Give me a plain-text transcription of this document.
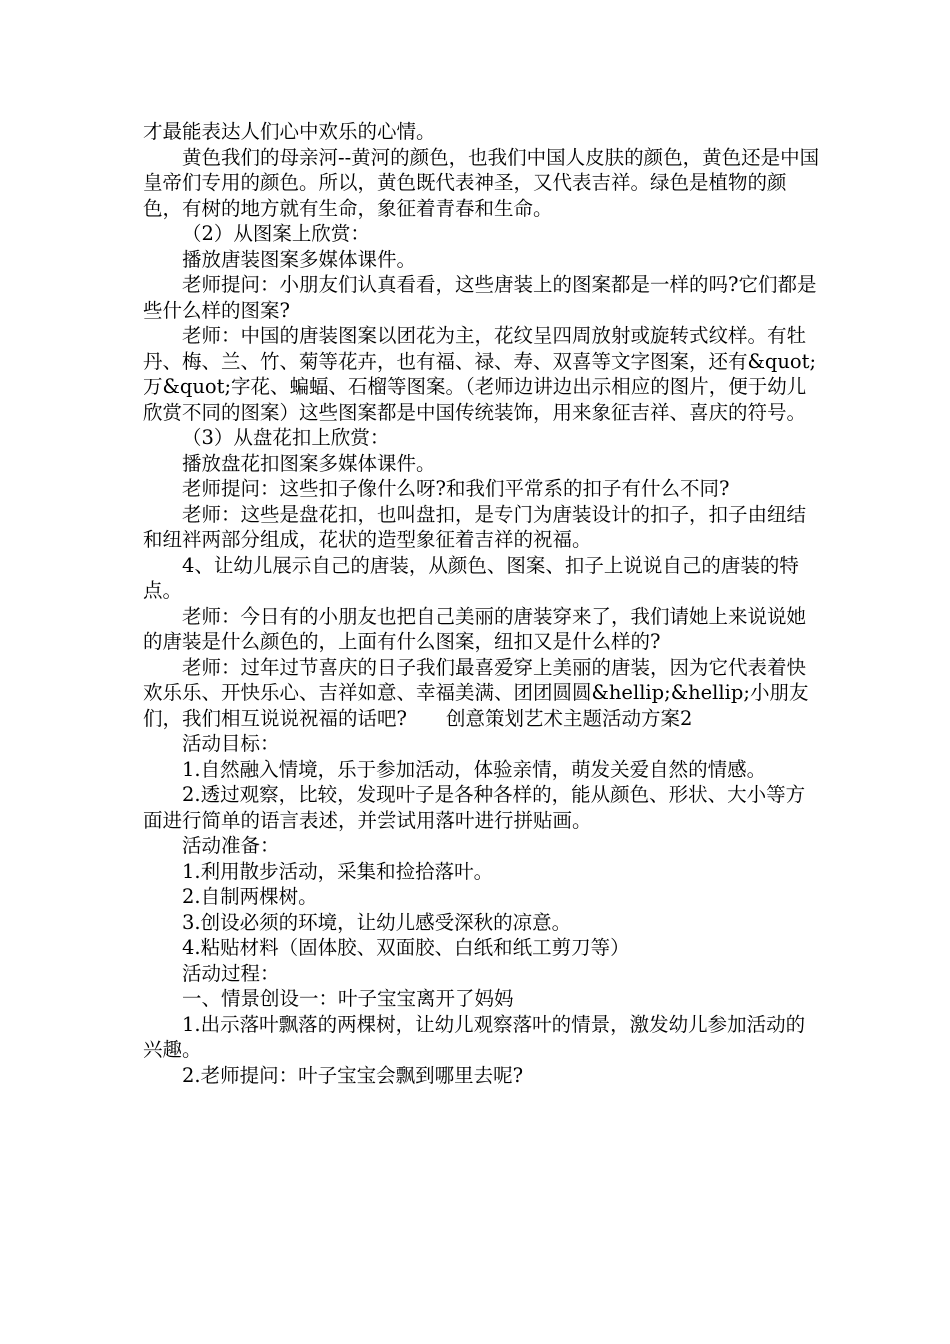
才最能表达人们心中欢乐的心情。

黄色我们的母亲河--黄河的颜色，也我们中国人皮肤的颜色，黄色还是中国皇帝们专用的颜色。所以，黄色既代表神圣，又代表吉祥。绿色是植物的颜色，有树的地方就有生命，象征着青春和生命。

（2）从图案上欣赏：

播放唐装图案多媒体课件。

老师提问：小朋友们认真看看，这些唐装上的图案都是一样的吗?它们都是些什么样的图案?

老师：中国的唐装图案以团花为主，花纹呈四周放射或旋转式纹样。有牡丹、梅、兰、竹、菊等花卉，也有福、禄、寿、双喜等文字图案，还有&quot;万&quot;字花、蝙蝠、石榴等图案。（老师边讲边出示相应的图片，便于幼儿欣赏不同的图案）这些图案都是中国传统装饰，用来象征吉祥、喜庆的符号。

（3）从盘花扣上欣赏：

播放盘花扣图案多媒体课件。

老师提问：这些扣子像什么呀?和我们平常系的扣子有什么不同?

老师：这些是盘花扣，也叫盘扣，是专门为唐装设计的扣子，扣子由纽结和纽袢两部分组成，花状的造型象征着吉祥的祝福。

4、让幼儿展示自己的唐装，从颜色、图案、扣子上说说自己的唐装的特点。

老师：今日有的小朋友也把自己美丽的唐装穿来了，我们请她上来说说她的唐装是什么颜色的，上面有什么图案，纽扣又是什么样的?

老师：过年过节喜庆的日子我们最喜爱穿上美丽的唐装，因为它代表着快欢乐乐、开快乐心、吉祥如意、幸福美满、团团圆圆&hellip;&hellip;小朋友们，我们相互说说祝福的话吧?　　创意策划艺术主题活动方案2

活动目标：

1.自然融入情境，乐于参加活动，体验亲情，萌发关爱自然的情感。

2.透过观察，比较，发现叶子是各种各样的，能从颜色、形状、大小等方面进行简单的语言表述，并尝试用落叶进行拼贴画。

活动准备：

1.利用散步活动，采集和捡拾落叶。

2.自制两棵树。

3.创设必须的环境，让幼儿感受深秋的凉意。

4.粘贴材料（固体胶、双面胶、白纸和纸工剪刀等）

活动过程：

一、情景创设一：叶子宝宝离开了妈妈

1.出示落叶飘落的两棵树，让幼儿观察落叶的情景，激发幼儿参加活动的兴趣。

2.老师提问：叶子宝宝会飘到哪里去呢?
